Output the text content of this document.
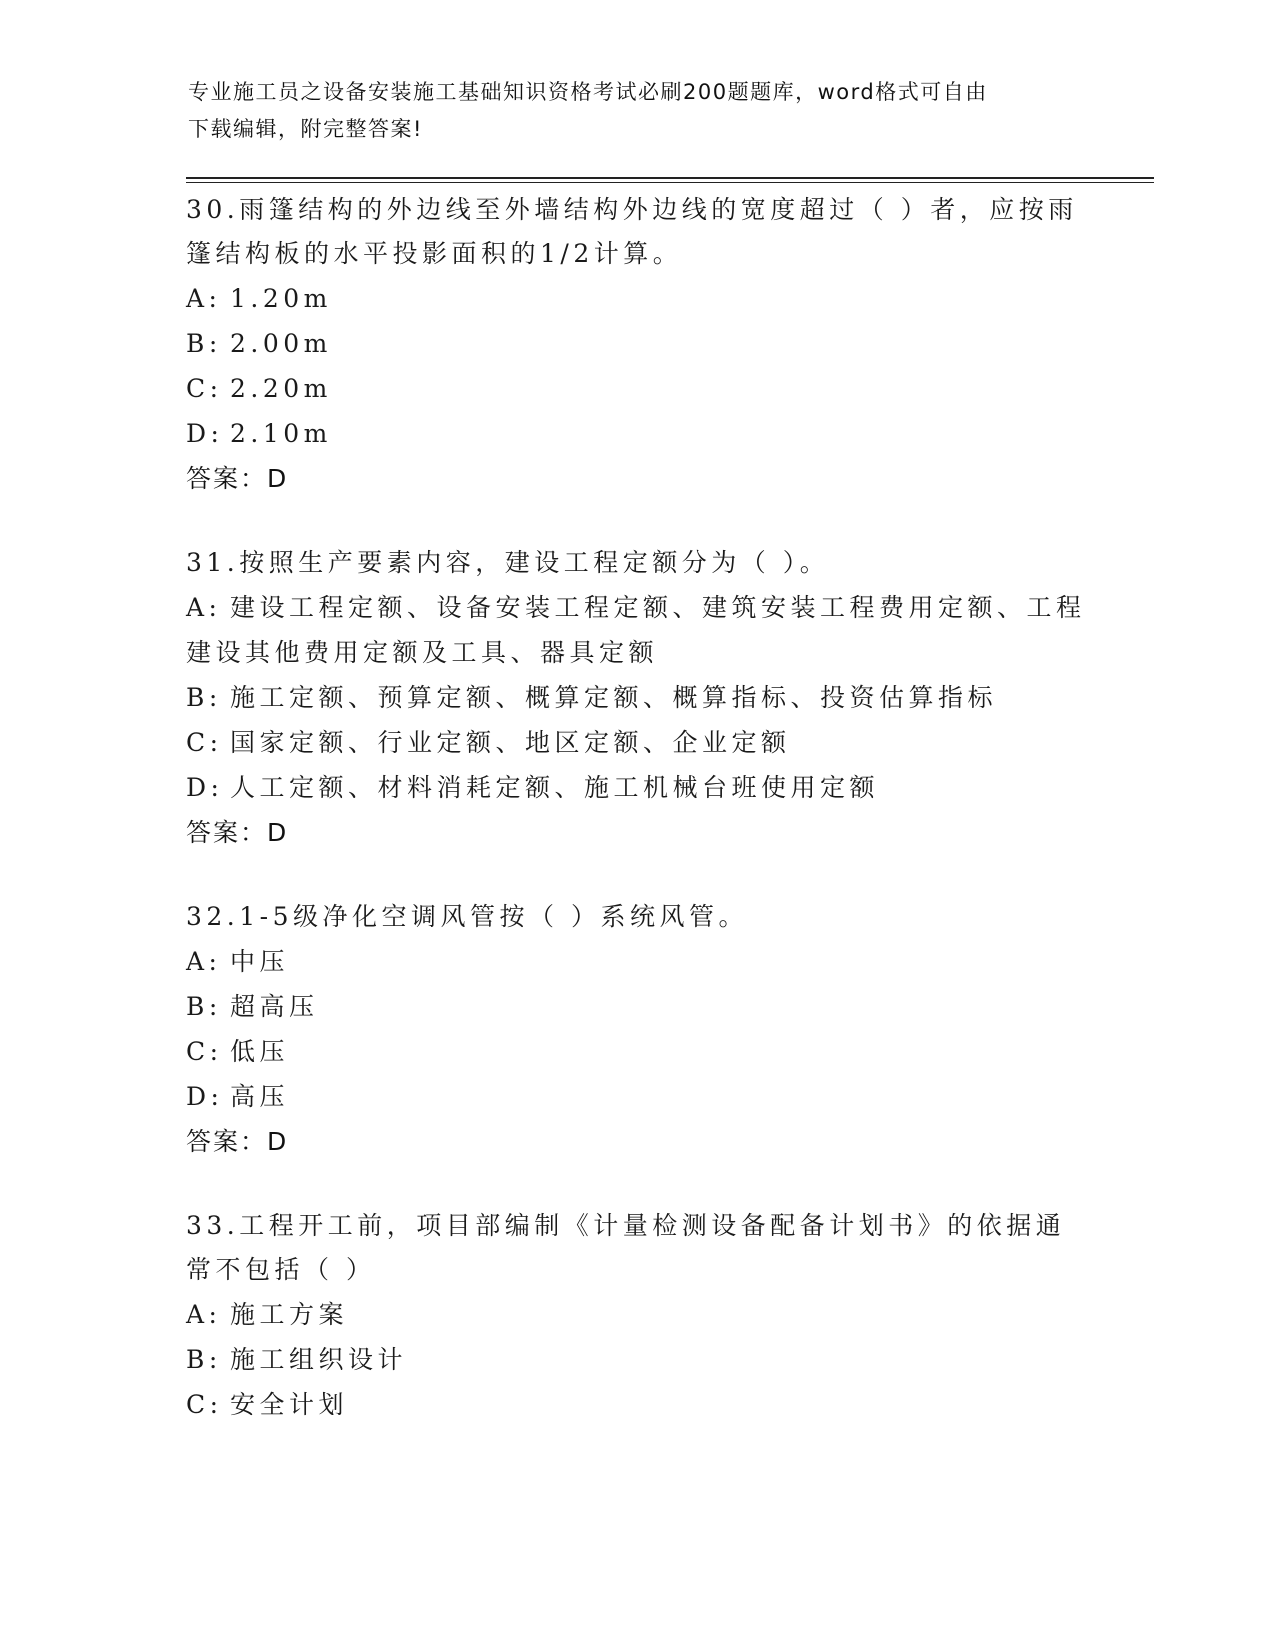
专业施工员之设备安装施工基础知识资格考试必刷200题题库，word格式可自由
下载编辑，附完整答案!
30.雨篷结构的外边线至外墙结构外边线的宽度超过（ ）者，应按雨篷结构板的水平投影面积的1/2计算。
A: 1.20m
B: 2.00m
C: 2.20m
D: 2.10m
答案：D
31.按照生产要素内容，建设工程定额分为（ ）。
A: 建设工程定额、设备安装工程定额、建筑安装工程费用定额、工程建设其他费用定额及工具、器具定额
B: 施工定额、预算定额、概算定额、概算指标、投资估算指标
C: 国家定额、行业定额、地区定额、企业定额
D: 人工定额、材料消耗定额、施工机械台班使用定额
答案：D
32.1-5级净化空调风管按（ ）系统风管。
A: 中压
B: 超高压
C: 低压
D: 高压
答案：D
33.工程开工前，项目部编制《计量检测设备配备计划书》的依据通常不包括（ ）
A: 施工方案
B: 施工组织设计
C: 安全计划
